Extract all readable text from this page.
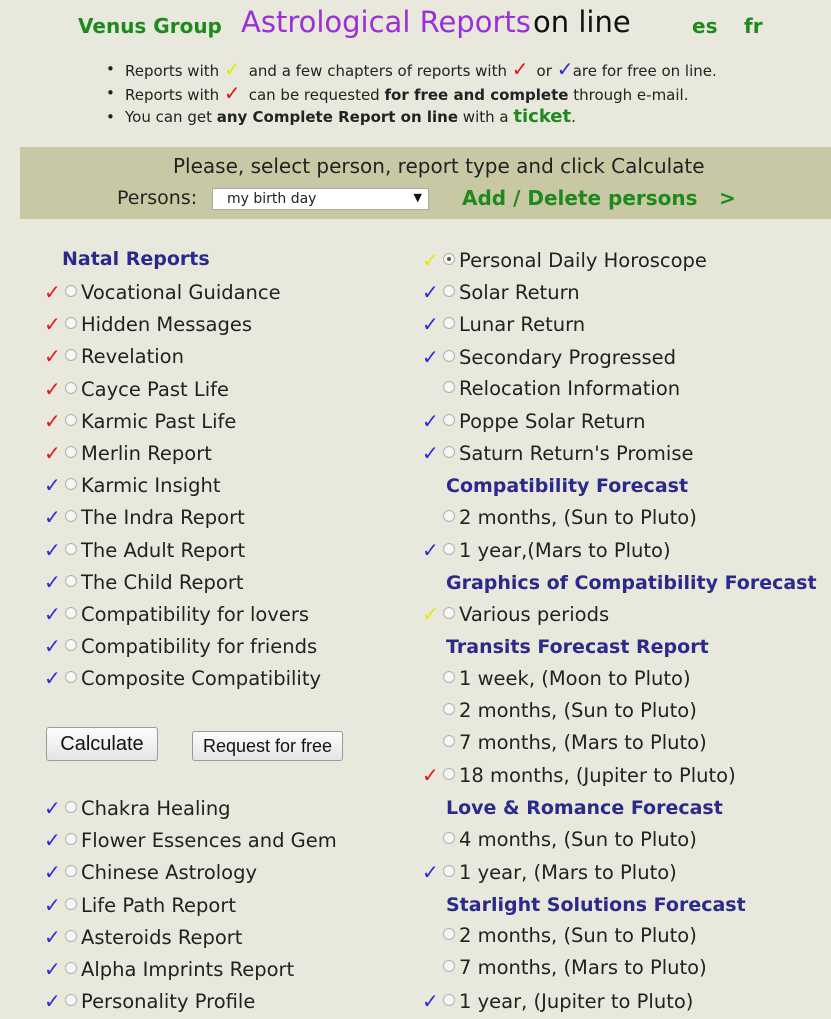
Venus Group Astrological Reports on line	es fr
• Reports with ✓ and a few chapters of reports with ✓ or ✓are for free on line.
• Reports with ✓ can be requested for free and complete through e-mail.
• You can get any Complete Report on line with a ticket.
Please, select person, report type and click Calculate
Persons:	my birth day	▼ Add / Delete persons >
Natal Reports
✓ Vocational Guidance
✓ Hidden Messages
✓ Revelation
✓ Cayce Past Life
✓ Karmic Past Life
✓ Merlin Report
✓ Karmic Insight
✓ The Indra Report
✓ The Adult Report
✓ The Child Report
✓ Compatibility for lovers
✓ Compatibility for friends
✓ Composite Compatibility
Calculate	Request for free
✓ Chakra Healing
✓ Flower Essences and Gem
✓ Chinese Astrology
✓ Life Path Report
✓ Asteroids Report
✓ Alpha Imprints Report
✓ Personality Profile
✓ Personal Daily Horoscope
✓ Solar Return
✓ Lunar Return
✓ Secondary Progressed
Relocation Information
✓ Poppe Solar Return
✓ Saturn Return's Promise
Compatibility Forecast
2 months, (Sun to Pluto)
✓ 1 year,(Mars to Pluto)
Graphics of Compatibility Forecast
✓ Various periods
Transits Forecast Report
1 week, (Moon to Pluto)
2 months, (Sun to Pluto)
7 months, (Mars to Pluto)
✓ 18 months, (Jupiter to Pluto)
Love & Romance Forecast
4 months, (Sun to Pluto)
✓ 1 year, (Mars to Pluto)
Starlight Solutions Forecast
2 months, (Sun to Pluto)
7 months, (Mars to Pluto)
✓ 1 year, (Jupiter to Pluto)
